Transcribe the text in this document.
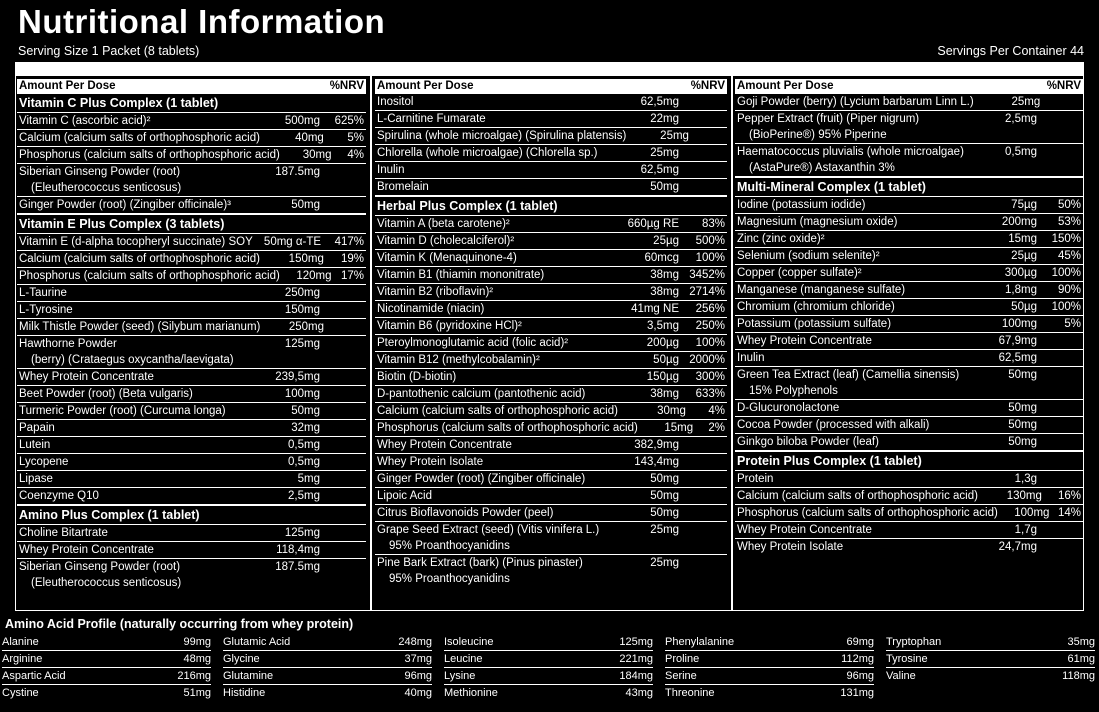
Nutritional Information
Serving Size 1 Packet (8 tablets)	Servings Per Container 44
Amount Per Dose	%NRV
Vitamin C Plus Complex (1 tablet)
Vitamin C (ascorbic acid)²	500mg	625%
Calcium (calcium salts of orthophosphoric acid)	40mg	5%
Phosphorus (calcium salts of orthophosphoric acid)	30mg	4%
Siberian Ginseng Powder (root)
(Eleutherococcus senticosus)
187.5mg
Ginger Powder (root) (Zingiber officinale)³	50mg
Vitamin E Plus Complex (3 tablets)
Vitamin E (d-alpha tocopheryl succinate) SOY 50mg α-TE	417%
Calcium (calcium salts of orthophosphoric acid)	150mg	19%
Phosphorus (calcium salts of orthophosphoric acid)	120mg 17%
L-Taurine	250mg
L-Tyrosine	150mg
Milk Thistle Powder (seed) (Silybum marianum)	250mg
Hawthorne Powder
(berry) (Crataegus oxycantha/laevigata)
125mg
Whey Protein Concentrate	239,5mg
Beet Powder (root) (Beta vulgaris)	100mg
Turmeric Powder (root) (Curcuma longa)	50mg
Papain	32mg
Lutein	0,5mg
Lycopene	0,5mg
Lipase	5mg
Coenzyme Q10	2,5mg
Amino Plus Complex (1 tablet)
Choline Bitartrate	125mg
Whey Protein Concentrate	118,4mg
Siberian Ginseng Powder (root)
(Eleutherococcus senticosus)
187.5mg
Amount Per Dose	%NRV
Inositol	62,5mg
L-Carnitine Fumarate	22mg
Spirulina (whole microalgae) (Spirulina platensis)	25mg
Chlorella (whole microalgae) (Chlorella sp.)	25mg
Inulin	62,5mg
Bromelain	50mg
Herbal Plus Complex (1 tablet)
Vitamin A (beta carotene)²	660µg RE	83%
Vitamin D (cholecalciferol)²	25µg	500%
Vitamin K (Menaquinone-4)	60mcg	100%
Vitamin B1 (thiamin mononitrate)	38mg 3452%
Vitamin B2 (riboflavin)²	38mg 2714%
Nicotinamide (niacin)	41mg NE	256%
Vitamin B6 (pyridoxine HCl)²	3,5mg	250%
Pteroylmonoglutamic acid (folic acid)²	200µg	100%
Vitamin B12 (methylcobalamin)²	50µg 2000%
Biotin (D-biotin)	150µg	300%
D-pantothenic calcium (pantothenic acid)	38mg	633%
Calcium (calcium salts of orthophosphoric acid)	30mg	4%
Phosphorus (calcium salts of orthophosphoric acid)	15mg	2%
Whey Protein Concentrate	382,9mg
Whey Protein Isolate	143,4mg
Ginger Powder (root) (Zingiber officinale)	50mg
Lipoic Acid	50mg
Citrus Bioflavonoids Powder (peel)	50mg
Grape Seed Extract (seed) (Vitis vinifera L.)
95% Proanthocyanidins
25mg
Pine Bark Extract (bark) (Pinus pinaster)
95% Proanthocyanidins
25mg
Amount Per Dose	%NRV
Goji Powder (berry) (Lycium barbarum Linn L.)	25mg
Pepper Extract (fruit) (Piper nigrum)
(BioPerine®) 95% Piperine
2,5mg
Haematococcus pluvialis (whole microalgae)
(AstaPure®) Astaxanthin 3%
0,5mg
Multi-Mineral Complex (1 tablet)
Iodine (potassium iodide)	75µg	50%
Magnesium (magnesium oxide)	200mg	53%
Zinc (zinc oxide)²	15mg	150%
Selenium (sodium selenite)²	25µg	45%
Copper (copper sulfate)²	300µg	100%
Manganese (manganese sulfate)	1,8mg	90%
Chromium (chromium chloride)	50µg	100%
Potassium (potassium sulfate)	100mg	5%
Whey Protein Concentrate	67,9mg
Inulin	62,5mg
Green Tea Extract (leaf) (Camellia sinensis)
15% Polyphenols
50mg
D-Glucuronolactone	50mg
Cocoa Powder (processed with alkali)	50mg
Ginkgo biloba Powder (leaf)	50mg
Protein Plus Complex (1 tablet)
Protein	1,3g
Calcium (calcium salts of orthophosphoric acid)	130mg	16%
Phosphorus (calcium salts of orthophosphoric acid)	100mg 14%
Whey Protein Concentrate	1,7g
Whey Protein Isolate	24,7mg
Amino Acid Profile (naturally occurring from whey protein)
Alanine	99mg
Arginine	48mg
Aspartic Acid	216mg
Cystine	51mg
Glutamic Acid	248mg
Glycine	37mg
Glutamine	96mg
Histidine	40mg
Isoleucine	125mg
Leucine	221mg
Lysine	184mg
Methionine	43mg
Phenylalanine	69mg
Proline	112mg
Serine	96mg
Threonine	131mg
Tryptophan	35mg
Tyrosine	61mg
Valine	118mg
